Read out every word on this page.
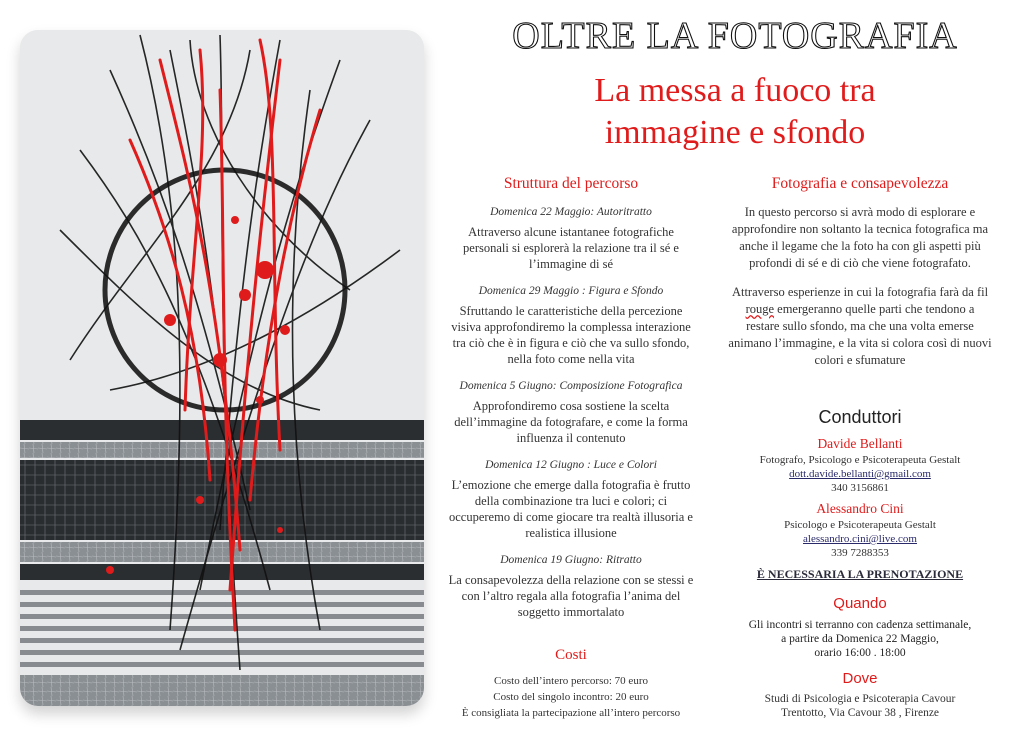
OLTRE LA FOTOGRAFIA
La messa a fuoco tra
immagine e sfondo
Struttura del percorso
Domenica 22 Maggio: Autoritratto
Attraverso alcune istantanee fotografiche personali si esplorerà la relazione tra il sé e l’immagine di sé
Domenica 29 Maggio : Figura e Sfondo
Sfruttando le caratteristiche della percezione visiva approfondiremo la complessa interazione tra ciò che è in figura e ciò che va sullo sfondo, nella foto come nella vita
Domenica 5 Giugno: Composizione Fotografica
Approfondiremo cosa sostiene la scelta dell’immagine da fotografare, e come la forma influenza il contenuto
Domenica 12 Giugno : Luce e Colori
L’emozione che emerge dalla fotografia è frutto della combinazione tra luci e colori; ci occuperemo di come giocare tra realtà illusoria e realistica illusione
Domenica 19 Giugno: Ritratto
La consapevolezza della relazione con se stessi e con l’altro regala alla fotografia l’anima del soggetto immortalato
Costi
Costo dell’intero percorso: 70 euro
Costo del singolo incontro: 20 euro
È consigliata la partecipazione all’intero percorso
Fotografia e consapevolezza

In questo percorso si avrà modo di esplorare e approfondire non soltanto la tecnica fotografica ma anche il legame che la foto ha con gli aspetti più profondi di sé e di ciò che viene fotografato.

Attraverso esperienze in cui la fotografia farà da fil rouge emergeranno quelle parti che tendono a restare sullo sfondo, ma che una volta emerse animano l’immagine, e la vita si colora così di nuovi colori e sfumature

Conduttori
Davide Bellanti
Fotografo, Psicologo e Psicoterapeuta Gestalt
dott.davide.bellanti@gmail.com
340 3156861
Alessandro Cini
Psicologo e Psicoterapeuta Gestalt
alessandro.cini@live.com
339 7288353
È NECESSARIA LA PRENOTAZIONE
Quando
Gli incontri si terranno con cadenza settimanale,
a partire da Domenica 22 Maggio,
orario 16:00 . 18:00
Dove
Studi di Psicologia e Psicoterapia Cavour
Trentotto, Via Cavour 38 , Firenze
